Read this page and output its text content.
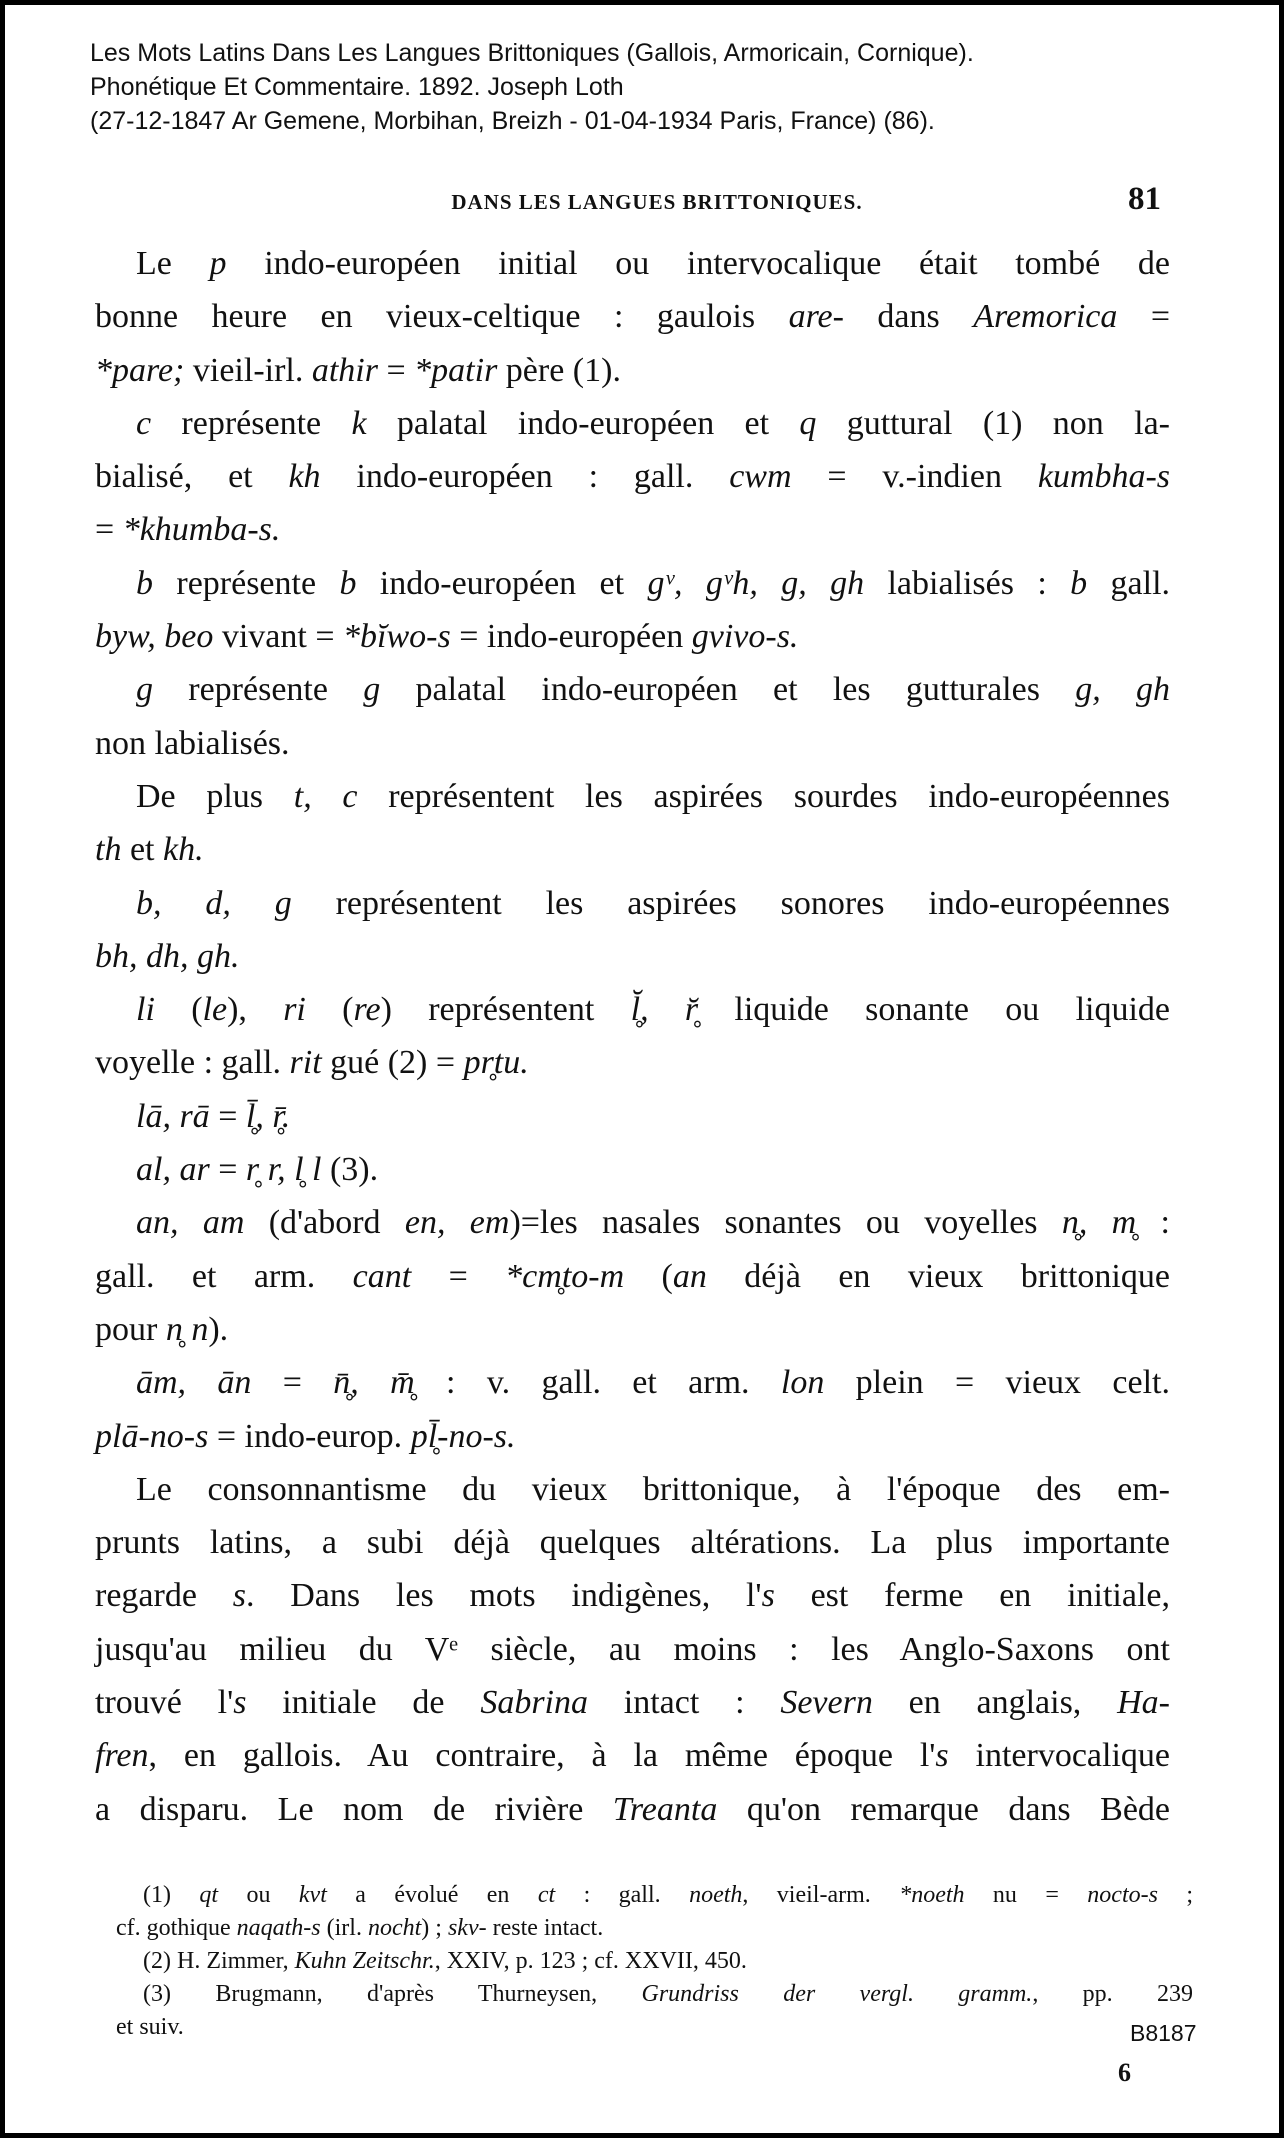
Les Mots Latins Dans Les Langues Brittoniques (Gallois, Armoricain, Cornique).
Phonétique Et Commentaire. 1892. Joseph Loth
(27-12-1847 Ar Gemene, Morbihan, Breizh - 01-04-1934 Paris, France) (86).
DANS LES LANGUES BRITTONIQUES.	81
Le p indo-européen initial ou intervocalique était tombé de
bonne heure en vieux-celtique : gaulois are- dans Aremorica =
*pare; vieil-irl. athir = *patir père (1).
c représente k palatal indo-européen et q guttural (1) non la-
bialisé, et kh indo-européen : gall. cwm = v.-indien kumbha-s
= *khumba-s.
b représente b indo-européen et gᵛ, gᵛh, g, gh labialisés : b gall.
byw, beo vivant = *bĭwo-s = indo-européen gvivo-s.
g représente g palatal indo-européen et les gutturales g, gh
non labialisés.
De plus t, c représentent les aspirées sourdes indo-européennes
th et kh.
b, d, g représentent les aspirées sonores indo-européennes
bh, dh, gh.
li (le), ri (re) représentent l̥̆, r̥̆ liquide sonante ou liquide
voyelle : gall. rit gué (2) = pr̥tu.
lā, rā = l̥̄, r̥̄.
al, ar = r̥ r, l̥ l (3).
an, am (d'abord en, em)=les nasales sonantes ou voyelles n̥, m̥ :
gall. et arm. cant = *cm̥to-m (an déjà en vieux brittonique
pour n̥ n).
ām, ān = n̥̄, m̥̄ : v. gall. et arm. lon plein = vieux celt.
plā-no-s = indo-europ. pl̥̄-no-s.
Le consonnantisme du vieux brittonique, à l'époque des em-
prunts latins, a subi déjà quelques altérations. La plus importante
regarde s. Dans les mots indigènes, l's est ferme en initiale,
jusqu'au milieu du Vᵉ siècle, au moins : les Anglo-Saxons ont
trouvé l's initiale de Sabrina intact : Severn en anglais, Ha-
fren, en gallois. Au contraire, à la même époque l's intervocalique
a disparu. Le nom de rivière Treanta qu'on remarque dans Bède
(1) qt ou kvt a évolué en ct : gall. noeth, vieil-arm. *noeth nu = nocto-s ;
cf. gothique naqath-s (irl. nocht) ; skv- reste intact.
(2) H. Zimmer, Kuhn Zeitschr., XXIV, p. 123 ; cf. XXVII, 450.
(3) Brugmann, d'après Thurneysen, Grundriss der vergl. gramm., pp. 239
et suiv.	B8187
6
